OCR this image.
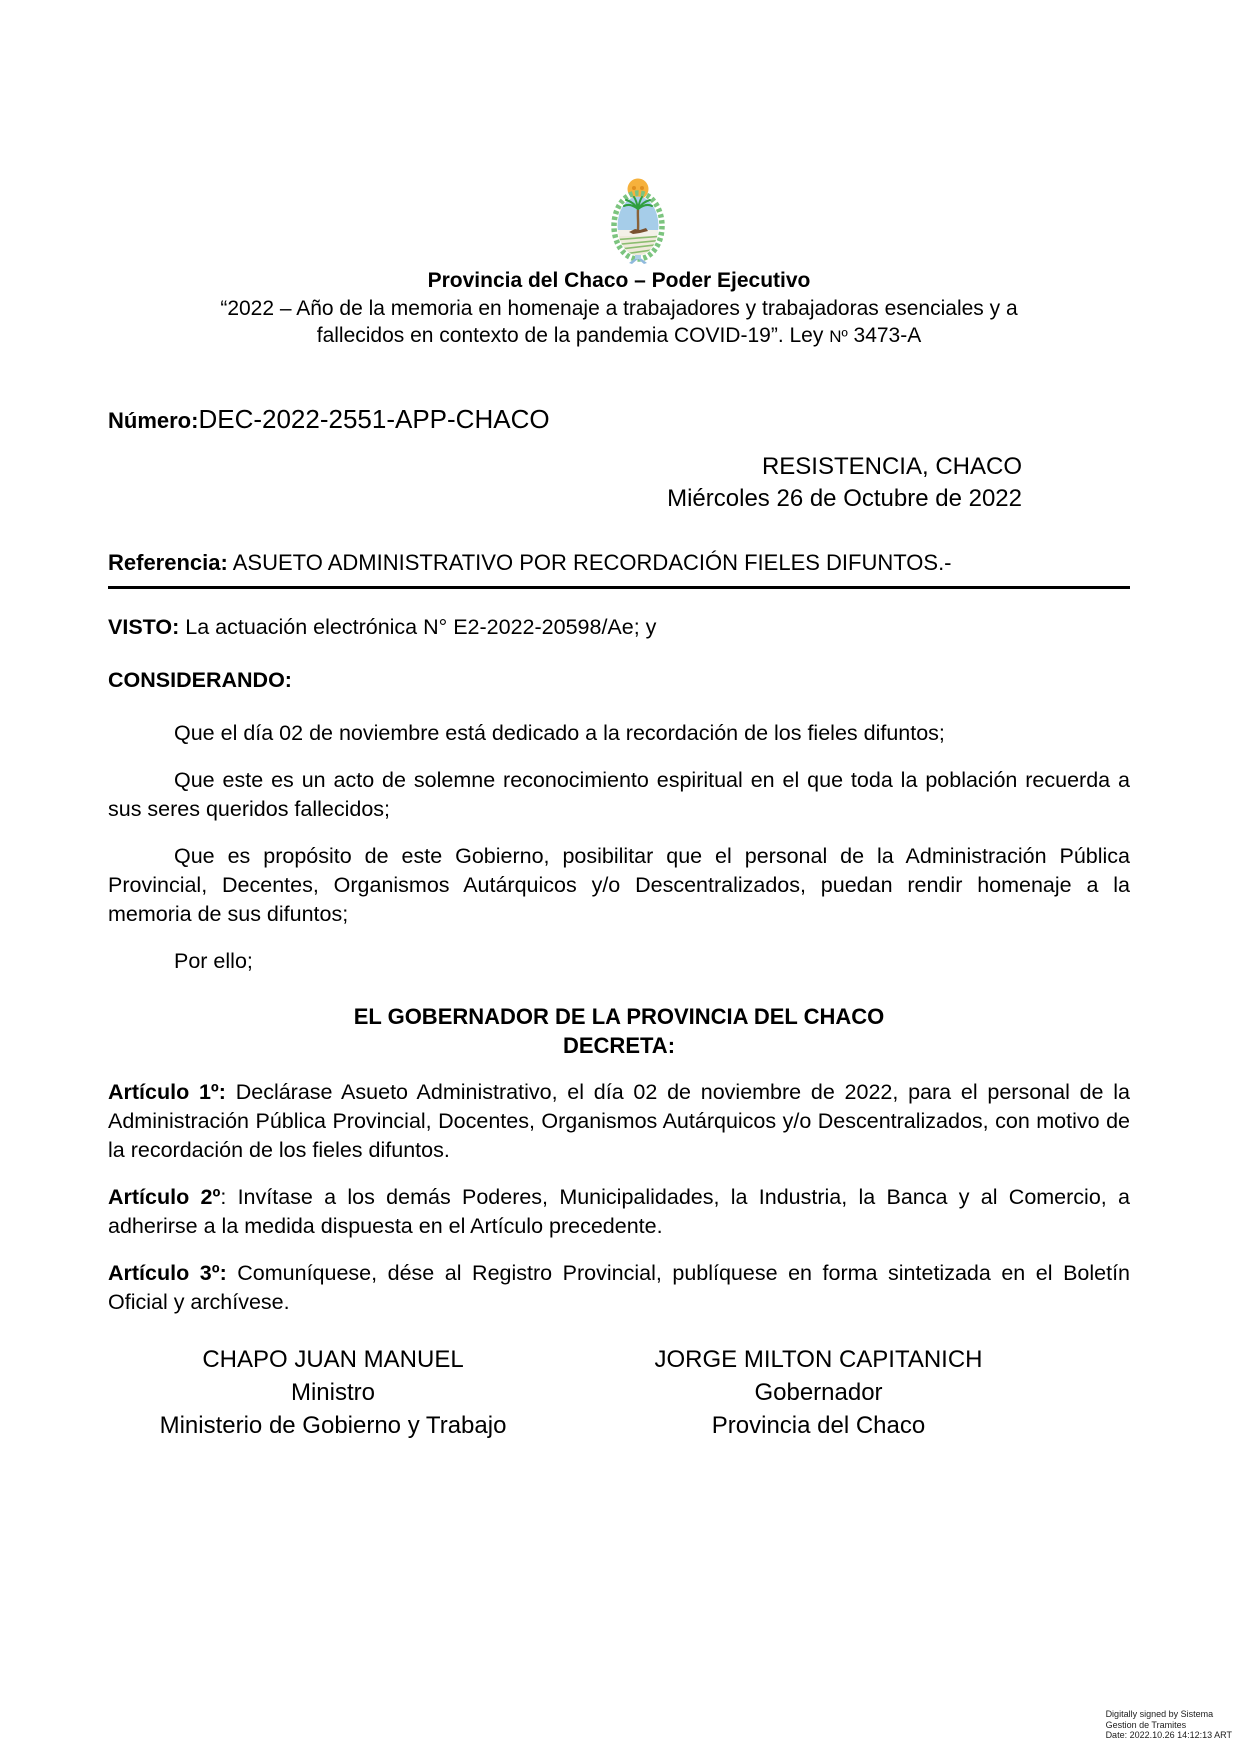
Provincia del Chaco – Poder Ejecutivo
“2022 – Año de la memoria en homenaje a trabajadores y trabajadoras esenciales y a
fallecidos en contexto de la pandemia COVID-19”. Ley Nº 3473-A
Número:DEC-2022-2551-APP-CHACO
RESISTENCIA, CHACO
Miércoles 26 de Octubre de 2022
Referencia: ASUETO ADMINISTRATIVO POR RECORDACIÓN FIELES DIFUNTOS.-

VISTO: La actuación electrónica N° E2-2022-20598/Ae; y

CONSIDERANDO:

Que el día 02 de noviembre está dedicado a la recordación de los fieles difuntos;

Que este es un acto de solemne reconocimiento espiritual en el que toda la población recuerda a sus seres queridos fallecidos;

Que es propósito de este Gobierno, posibilitar que el personal de la Administración Pública Provincial, Decentes, Organismos Autárquicos y/o Descentralizados, puedan rendir homenaje a la memoria de sus difuntos;

Por ello;

EL GOBERNADOR DE LA PROVINCIA DEL CHACO
DECRETA:

Artículo 1º: Declárase Asueto Administrativo, el día 02 de noviembre de 2022, para el personal de la Administración Pública Provincial, Docentes, Organismos Autárquicos y/o Descentralizados, con motivo de la recordación de los fieles difuntos.

Artículo 2º: Invítase a los demás Poderes, Municipalidades, la Industria, la Banca y al Comercio, a adherirse a la medida dispuesta en el Artículo precedente.

Artículo 3º: Comuníquese, dése al Registro Provincial, publíquese en forma sintetizada en el Boletín Oficial y archívese.

CHAPO JUAN MANUEL
Ministro
Ministerio de Gobierno y Trabajo
JORGE MILTON CAPITANICH
Gobernador
Provincia del Chaco
Digitally signed by Sistema
Gestion de Tramites
Date: 2022.10.26 14:12:13 ART
